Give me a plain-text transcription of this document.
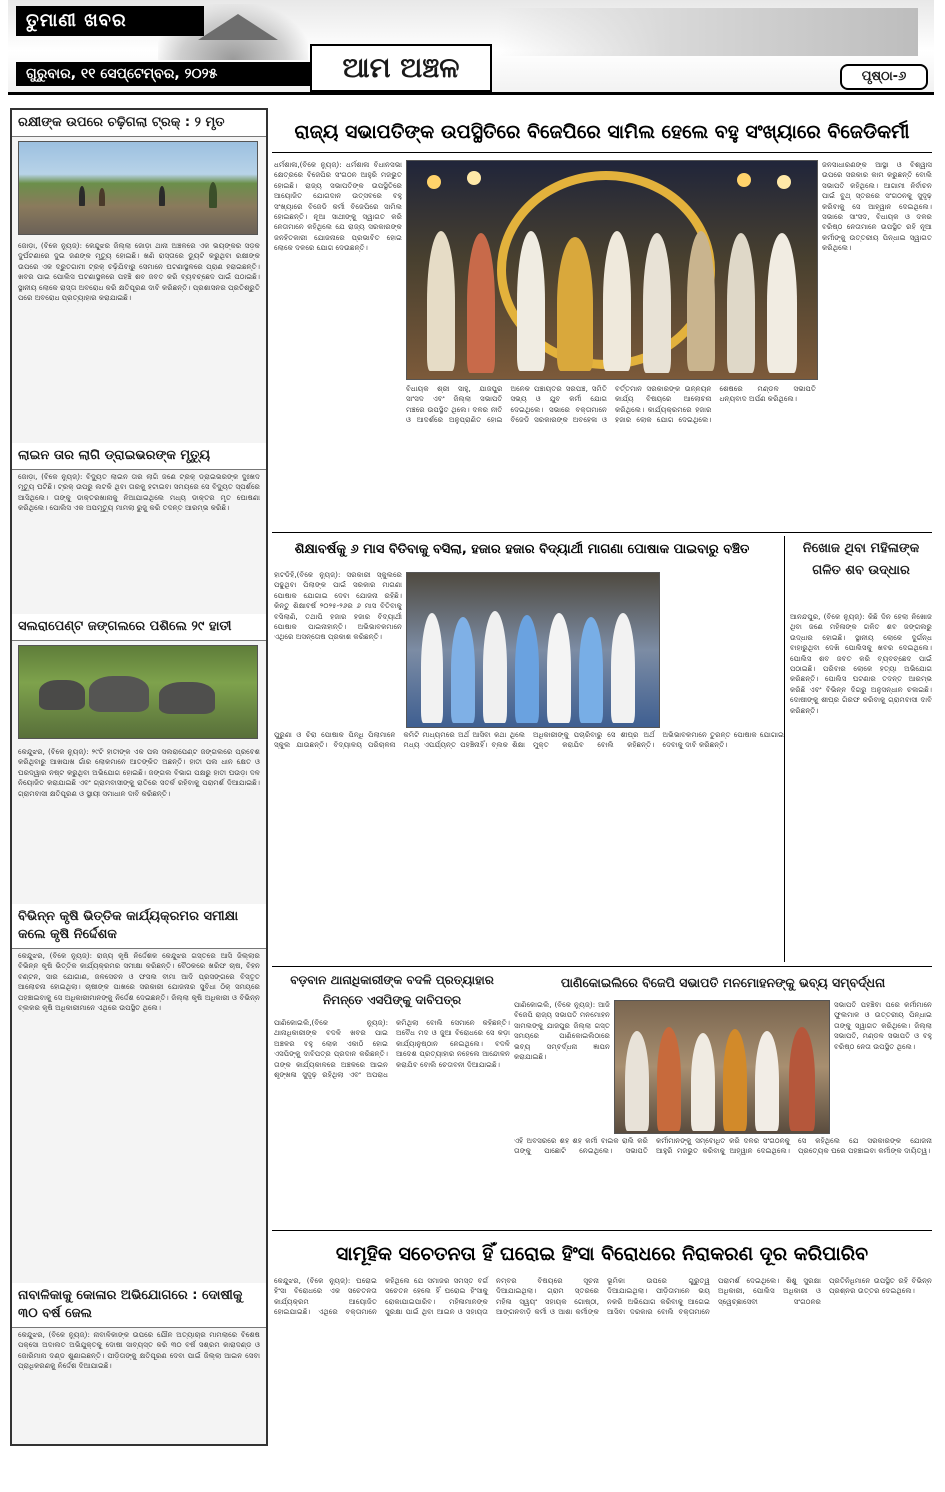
ତୁମାଣୀ ଖବର
ଗୁରୁବାର, ୧୧ ସେପ୍ଟେମ୍ବର, ୨୦୨୫	ଆମ ଅଞ୍ଚଳ	ପୃଷ୍ଠା-୬
ରକ୍ଷୀଙ୍କ ଉପରେ ଚଢ଼ିଗଲା ଟ୍ରକ୍ : ୨ ମୃତ
ଜୋଡ଼ା, (ବିକେ ନ୍ୟୁଜ୍): କେନ୍ଦୁଝର ଜିଲ୍ଲା ଜୋଡ଼ା ଥାନା ଅଞ୍ଚଳରେ ଏକ ଭୟଙ୍କର ସଡ଼କ ଦୁର୍ଘଟଣାରେ ଦୁଇ ଜଣଙ୍କ ମୃତ୍ୟୁ ହୋଇଛି। ଖଣି ରାସ୍ତାରେ ଡ୍ୟୁଟି କରୁଥିବା ରକ୍ଷୀଙ୍କ ଉପରେ ଏକ ଦ୍ରୁତଗାମୀ ଟ୍ରକ୍ ଚଢ଼ିଯିବାରୁ ସେମାନେ ଘଟଣାସ୍ଥଳରେ ପ୍ରାଣ ହରାଇଛନ୍ତି। ଖବର ପାଇ ପୋଲିସ ଘଟଣାସ୍ଥଳରେ ପହଞ୍ଚି ଶବ ଜବତ କରି ବ୍ୟବଚ୍ଛେଦ ପାଇଁ ପଠାଇଛି। ସ୍ଥାନୀୟ ଲୋକେ ରାସ୍ତା ଅବରୋଧ କରି କ୍ଷତିପୂରଣ ଦାବି କରିଛନ୍ତି। ପ୍ରଶାସନର ପ୍ରତିଶ୍ରୁତି ପରେ ଅବରୋଧ ପ୍ରତ୍ୟାହାର କରାଯାଇଛି।
ଲାଇନ ତାର ଲାଗି ଡ୍ରାଇଭରଙ୍କ ମୃତ୍ୟୁ
ଜୋଡ଼ା, (ବିକେ ନ୍ୟୁଜ୍): ବିଦ୍ୟୁତ ଲାଇନ ତାର ଲାଗି ଜଣେ ଟ୍ରକ୍ ଡ୍ରାଇଭରଙ୍କ ଦୁଃଖଦ ମୃତ୍ୟୁ ଘଟିଛି। ଟ୍ରକ୍ ଉପରୁ ଲଟକି ଥିବା ତାରକୁ ହଟାଇବା ସମୟରେ ସେ ବିଦ୍ୟୁତ ସ୍ପର୍ଶରେ ଆସିଥିଲେ। ତାଙ୍କୁ ଡାକ୍ତରଖାନାକୁ ନିଆଯାଇଥିଲେ ମଧ୍ୟ ଡାକ୍ତର ମୃତ ଘୋଷଣା କରିଥିଲେ। ପୋଲିସ ଏକ ଅପମୃତ୍ୟୁ ମାମଲା ରୁଜୁ କରି ତଦନ୍ତ ଆରମ୍ଭ କରିଛି।
ସଲରାପେଣ୍ଟ ଜଙ୍ଗଲରେ ପଶିଲେ ୨୯ ହାତୀ
କେନ୍ଦୁଝର, (ବିକେ ନ୍ୟୁଜ୍): ୨୯ଟି ହାତୀଙ୍କ ଏକ ପଲ ସଲରାପେଣ୍ଟ ଜଙ୍ଗଲରେ ପ୍ରବେଶ କରିଥିବାରୁ ଆଖପାଖ ଗାଁର ଲୋକମାନେ ଆତଙ୍କିତ ଅଛନ୍ତି। ହାତୀ ପଲ ଧାନ କ୍ଷେତ ଓ ଘରଦ୍ୱାର ନଷ୍ଟ କରୁଥିବା ଅଭିଯୋଗ ହୋଇଛି। ଜଙ୍ଗଲ ବିଭାଗ ପକ୍ଷରୁ ହାତୀ ଘଉଡ଼ା ଦଳ ନିୟୋଜିତ କରାଯାଇଛି ଏବଂ ଗ୍ରାମବାସୀଙ୍କୁ ରାତିରେ ସତର୍କ ରହିବାକୁ ପରାମର୍ଶ ଦିଆଯାଇଛି। ଗ୍ରାମବାସୀ କ୍ଷତିପୂରଣ ଓ ସ୍ଥାୟୀ ସମାଧାନ ଦାବି କରିଛନ୍ତି।
ବିଭିନ୍ନ କୃଷି ଭିତ୍ତିକ କାର୍ଯ୍ୟକ୍ରମର ସମୀକ୍ଷା କଲେ କୃଷି ନିର୍ଦ୍ଦେଶକ
କେନ୍ଦୁଝର, (ବିକେ ନ୍ୟୁଜ୍): ରାଜ୍ୟ କୃଷି ନିର୍ଦ୍ଦେଶକ କେନ୍ଦୁଝର ଗସ୍ତରେ ଆସି ଜିଲ୍ଲାର ବିଭିନ୍ନ କୃଷି ଭିତ୍ତିକ କାର୍ଯ୍ୟକ୍ରମର ସମୀକ୍ଷା କରିଛନ୍ତି। ବୈଠକରେ ଖରିଫ ଚାଷ, ବିହନ ବଣ୍ଟନ, ସାର ଯୋଗାଣ, ଜଳସେଚନ ଓ ଫସଲ ବୀମା ଆଦି ପ୍ରସଙ୍ଗରେ ବିସ୍ତୃତ ଆଲୋଚନା ହୋଇଥିଲା। ଚାଷୀଙ୍କ ପାଖରେ ସରକାରୀ ଯୋଜନାର ସୁବିଧା ଠିକ୍ ସମୟରେ ପହଞ୍ଚାଇବାକୁ ସେ ଅଧିକାରୀମାନଙ୍କୁ ନିର୍ଦ୍ଦେଶ ଦେଇଛନ୍ତି। ଜିଲ୍ଲା କୃଷି ଅଧିକାରୀ ଓ ବିଭିନ୍ନ ବ୍ଲକର କୃଷି ଅଧିକାରୀମାନେ ଏଥିରେ ଉପସ୍ଥିତ ଥିଲେ।
ନାବାଳିକାକୁ କୋଳାର ଅଭିଯୋଗରେ : ଦୋଷୀକୁ ୩୦ ବର୍ଷ ଜେଲ
କେନ୍ଦୁଝର, (ବିକେ ନ୍ୟୁଜ୍): ନାବାଳିକାଙ୍କ ଉପରେ ଯୌନ ଅତ୍ୟାଚାର ମାମଲାରେ ବିଶେଷ ପକ୍ସୋ ଅଦାଲତ ଅଭିଯୁକ୍ତକୁ ଦୋଷୀ ସାବ୍ୟସ୍ତ କରି ୩୦ ବର୍ଷ ସଶ୍ରମ କାରାଦଣ୍ଡ ଓ ଜୋରିମାନା ଦଣ୍ଡ ଶୁଣାଇଛନ୍ତି। ପୀଡ଼ିତାଙ୍କୁ କ୍ଷତିପୂରଣ ଦେବା ପାଇଁ ଜିଲ୍ଲା ଆଇନ ସେବା ପ୍ରାଧିକରଣକୁ ନିର୍ଦ୍ଦେଶ ଦିଆଯାଇଛି।
ରାଜ୍ୟ ସଭାପତିଙ୍କ ଉପସ୍ଥିତିରେ ବିଜେପିରେ ସାମିଲ ହେଲେ ବହୁ ସଂଖ୍ୟାରେ ବିଜେଡିକର୍ମୀ
ଧର୍ମଶାଳା,(ବିକେ ନ୍ୟୁଜ୍): ଧର୍ମଶାଳା ବିଧାନସଭା କ୍ଷେତ୍ରରେ ବିଜେପିର ସଂଗଠନ ଆହୁରି ମଜଭୁତ ହୋଇଛି। ରାଜ୍ୟ ସଭାପତିଙ୍କ ଉପସ୍ଥିତିରେ ଆୟୋଜିତ ଯୋଗଦାନ ଉତ୍ସବରେ ବହୁ ସଂଖ୍ୟାରେ ବିଜେଡି କର୍ମୀ ବିଜେପିରେ ସାମିଲ ହୋଇଛନ୍ତି। ନୂଆ ସାଥୀଙ୍କୁ ସ୍ୱାଗତ କରି ନେତାମାନେ କହିଥିଲେ ଯେ ରାଜ୍ୟ ସରକାରଙ୍କ ଜନହିତକାରୀ ଯୋଜନାରେ ପ୍ରଭାବିତ ହୋଇ ଲୋକେ ଦଳରେ ଯୋଗ ଦେଉଛନ୍ତି।
ଜନସାଧାରଣଙ୍କ ଆସ୍ଥା ଓ ବିଶ୍ୱାସ ଉପରେ ସରକାର କାମ କରୁଛନ୍ତି ବୋଲି ସଭାପତି କହିଥିଲେ। ଆଗାମୀ ନିର୍ବାଚନ ପାଇଁ ବୁଥ୍ ସ୍ତରରେ ସଂଗଠନକୁ ସୁଦୃଢ଼ କରିବାକୁ ସେ ଆହ୍ୱାନ ଦେଇଥିଲେ। ସଭାରେ ସାଂସଦ, ବିଧାୟକ ଓ ଦଳର ବରିଷ୍ଠ ନେତାମାନେ ଉପସ୍ଥିତ ରହି ନୂଆ କର୍ମୀଙ୍କୁ ଉତ୍ତରୀୟ ପିନ୍ଧାଇ ସ୍ୱାଗତ କରିଥିଲେ।
ବିଧାୟକ ଶ୍ରୀ ସାହୁ, ଯାଜପୁର ସାଂସଦ ଏବଂ ଜିଲ୍ଲା ସଭାପତି ମଞ୍ଚରେ ଉପସ୍ଥିତ ଥିଲେ। ଦଳର ନୀତି ଓ ଆଦର୍ଶରେ ଅନୁପ୍ରାଣିତ ହୋଇ ଅନେକ ପଞ୍ଚାୟତର ସରପଞ୍ଚ, ସମିତି ସଭ୍ୟ ଓ ଯୁବ କର୍ମୀ ଯୋଗ ଦେଇଥିଲେ। ସଭାରେ ବକ୍ତାମାନେ ବିଜେଡି ସରକାରଙ୍କ ଅବହେଳା ଓ ବର୍ତ୍ତମାନ ସରକାରଙ୍କ ଉନ୍ନୟନ କାର୍ଯ୍ୟ ବିଷୟରେ ଆଲୋଚନା କରିଥିଲେ। କାର୍ଯ୍ୟକ୍ରମରେ ହଜାର ହଜାର ଲୋକ ଯୋଗ ଦେଇଥିଲେ। ଶେଷରେ ମଣ୍ଡଳ ସଭାପତି ଧନ୍ୟବାଦ ଅର୍ପଣ କରିଥିଲେ।
ଶିକ୍ଷାବର୍ଷକୁ ୬ ମାସ ବିତିବାକୁ ବସିଲା, ହଜାର ହଜାର ବିଦ୍ୟାର୍ଥୀ ମାଗଣା ପୋଷାକ ପାଇବାରୁ ବଞ୍ଚିତ
ହାଟଡିହି,(ବିକେ ନ୍ୟୁଜ୍): ସରକାରୀ ସ୍କୁଲରେ ପଢୁଥିବା ପିଲାଙ୍କ ପାଇଁ ସରକାର ମାଗଣା ପୋଷାକ ଯୋଗାଇ ଦେବା ଯୋଜନା ରହିଛି। କିନ୍ତୁ ଶିକ୍ଷାବର୍ଷ ୨୦୨୫-୨୬ର ୬ ମାସ ବିତିବାକୁ ବସିଲାଣି, ତଥାପି ହଜାର ହଜାର ବିଦ୍ୟାର୍ଥୀ ପୋଷାକ ପାଇନାହାନ୍ତି। ଅଭିଭାବକମାନେ ଏଥିରେ ଅସନ୍ତୋଷ ପ୍ରକାଶ କରିଛନ୍ତି।
ପୁରୁଣା ଓ ଚିରା ପୋଷାକ ପିନ୍ଧି ପିଲାମାନେ ସ୍କୁଲ ଯାଉଛନ୍ତି। ବିଦ୍ୟାଳୟ ପରିଚାଳନା କମିଟି ମାଧ୍ୟମରେ ଅର୍ଥ ଆସିବା କଥା ଥିଲେ ମଧ୍ୟ ଏପର୍ଯ୍ୟନ୍ତ ପହଞ୍ଚିନାହିଁ। ବ୍ଲକ ଶିକ୍ଷା ଅଧିକାରୀଙ୍କୁ ପଚାରିବାରୁ ସେ ଶୀଘ୍ର ଅର୍ଥ ମୁକ୍ତ କରାଯିବ ବୋଲି କହିଛନ୍ତି। ଅଭିଭାବକମାନେ ତୁରନ୍ତ ପୋଷାକ ଯୋଗାଇ ଦେବାକୁ ଦାବି କରିଛନ୍ତି।
ନିଖୋଜ ଥିବା ମହିଳାଙ୍କ ଗଳିତ ଶବ ଉଦ୍ଧାର
ଆନନ୍ଦପୁର, (ବିକେ ନ୍ୟୁଜ୍): କିଛି ଦିନ ହେଲା ନିଖୋଜ ଥିବା ଜଣେ ମହିଳାଙ୍କ ଗଳିତ ଶବ ଜଙ୍ଗଲରୁ ଉଦ୍ଧାର ହୋଇଛି। ସ୍ଥାନୀୟ ଲୋକେ ଦୁର୍ଗନ୍ଧ ବାହାରୁଥିବା ଦେଖି ପୋଲିସକୁ ଖବର ଦେଇଥିଲେ। ପୋଲିସ ଶବ ଜବତ କରି ବ୍ୟବଚ୍ଛେଦ ପାଇଁ ପଠାଇଛି। ପରିବାର ଲୋକେ ହତ୍ୟା ଅଭିଯୋଗ କରିଛନ୍ତି। ପୋଲିସ ଘଟଣାର ତଦନ୍ତ ଆରମ୍ଭ କରିଛି ଏବଂ ବିଭିନ୍ନ ଦିଗରୁ ଅନୁସନ୍ଧାନ ଚଳାଇଛି। ଦୋଷୀଙ୍କୁ ଶୀଘ୍ର ଗିରଫ କରିବାକୁ ଗ୍ରାମବାସୀ ଦାବି କରିଛନ୍ତି।
ବଡ଼ବାନ ଥାନାଧିକାରୀଙ୍କ ବଦଳି ପ୍ରତ୍ୟାହାର ନିମନ୍ତେ ଏସପିଙ୍କୁ ଦାବିପତ୍ର
ପାଣିକୋଇଲି,(ବିକେ ନ୍ୟୁଜ୍): ଥାନାଧିକାରୀଙ୍କ ବଦଳି ଖବର ପାଇ ଅଞ୍ଚଳର ବହୁ ଲୋକ ଏକାଠି ହୋଇ ଏସପିଙ୍କୁ ଦାବିପତ୍ର ପ୍ରଦାନ କରିଛନ୍ତି। ତାଙ୍କ କାର୍ଯ୍ୟକାଳରେ ଅଞ୍ଚଳରେ ଆଇନ ଶୃଙ୍ଖଳା ସୁଦୃଢ଼ ରହିଥିଲା ଏବଂ ଅପରାଧ କମିଥିଲା ବୋଲି ସେମାନେ କହିଛନ୍ତି। ଅବୈଧ ମଦ ଓ ଜୁଆ ବିରୋଧରେ ସେ କଡ଼ା କାର୍ଯ୍ୟାନୁଷ୍ଠାନ ନେଇଥିଲେ। ବଦଳି ଆଦେଶ ପ୍ରତ୍ୟାହାର ନହେଲେ ଆନ୍ଦୋଳନ କରାଯିବ ବୋଲି ଚେତାବନୀ ଦିଆଯାଇଛି।
ପାଣିକୋଇଲିରେ ବିଜେପି ସଭାପତି ମନମୋହନଙ୍କୁ ଭବ୍ୟ ସମ୍ବର୍ଦ୍ଧନା
ପାଣିକୋଇଲି, (ବିକେ ନ୍ୟୁଜ୍): ଆଜି ବିଜେପି ରାଜ୍ୟ ସଭାପତି ମନମୋହନ ସାମଲଙ୍କୁ ଯାଜପୁର ଜିଲ୍ଲା ଗସ୍ତ ସମୟରେ ପାଣିକୋଇଲିଠାରେ ଭବ୍ୟ ସମ୍ବର୍ଦ୍ଧନା ଜ୍ଞାପନ କରାଯାଇଛି।
ସଭାପତି ପହଞ୍ଚିବା ପରେ କର୍ମୀମାନେ ଫୁଲମାଳ ଓ ଉତ୍ତରୀୟ ପିନ୍ଧାଇ ତାଙ୍କୁ ସ୍ୱାଗତ କରିଥିଲେ। ଜିଲ୍ଲା ସଭାପତି, ମଣ୍ଡଳ ସଭାପତି ଓ ବହୁ ବରିଷ୍ଠ ନେତା ଉପସ୍ଥିତ ଥିଲେ।
ଏହି ଅବସରରେ ଶହ ଶହ କର୍ମୀ ବାଇକ ରାଲି କରି ତାଙ୍କୁ ପାଛୋଟି ନେଇଥିଲେ। ସଭାପତି କର୍ମୀମାନଙ୍କୁ ସମ୍ବୋଧିତ କରି ଦଳର ସଂଗଠନକୁ ଆହୁରି ମଜଭୁତ କରିବାକୁ ଆହ୍ୱାନ ଦେଇଥିଲେ। ସେ କହିଥିଲେ ଯେ ସରକାରଙ୍କ ଯୋଜନା ପ୍ରତ୍ୟେକ ଘରେ ପହଞ୍ଚାଇବା କର୍ମୀଙ୍କ ଦାୟିତ୍ୱ।
ସାମୂହିକ ସଚେତନତା ହିଁ ଘରୋଇ ହିଂସା ବିରୋଧରେ ନିରାକରଣ ଦୂର କରିପାରିବ
କେନ୍ଦୁଝର, (ବିକେ ନ୍ୟୁଜ୍): ଘରୋଇ ହିଂସା ବିରୋଧରେ ଏକ ସଚେତନତା କାର୍ଯ୍ୟକ୍ରମ ଆୟୋଜିତ ହୋଇଯାଇଛି। ଏଥିରେ ବକ୍ତାମାନେ କହିଥିଲେ ଯେ ସମାଜର ସମସ୍ତ ବର୍ଗ ସଚେତନ ହେଲେ ହିଁ ଘରୋଇ ହିଂସାକୁ ରୋକାଯାଇପାରିବ। ମହିଳାମାନଙ୍କ ସୁରକ୍ଷା ପାଇଁ ଥିବା ଆଇନ ଓ ସହାୟତା ନମ୍ବର ବିଷୟରେ ସୂଚନା ଦିଆଯାଇଥିଲା। ଗ୍ରାମ ସ୍ତରରେ ମହିଳା ସ୍ୱୟଂ ସହାୟକ ଗୋଷ୍ଠୀ, ଆଙ୍ଗନବାଡ଼ି କର୍ମୀ ଓ ଆଶା କର୍ମୀଙ୍କ ଭୂମିକା ଉପରେ ଗୁରୁତ୍ୱ ଦିଆଯାଇଥିଲା। ପୀଡ଼ିତାମାନେ ଭୟ ନକରି ଅଭିଯୋଗ କରିବାକୁ ଆଗେଇ ଆସିବା ଦରକାର ବୋଲି ବକ୍ତାମାନେ ପରାମର୍ଶ ଦେଇଥିଲେ। ଶିଶୁ ସୁରକ୍ଷା ଅଧିକାରୀ, ପୋଲିସ ଅଧିକାରୀ ଓ ସ୍ୱେଚ୍ଛାସେବୀ ସଂଗଠନର ପ୍ରତିନିଧିମାନେ ଉପସ୍ଥିତ ରହି ବିଭିନ୍ନ ପ୍ରଶ୍ନର ଉତ୍ତର ଦେଇଥିଲେ।
